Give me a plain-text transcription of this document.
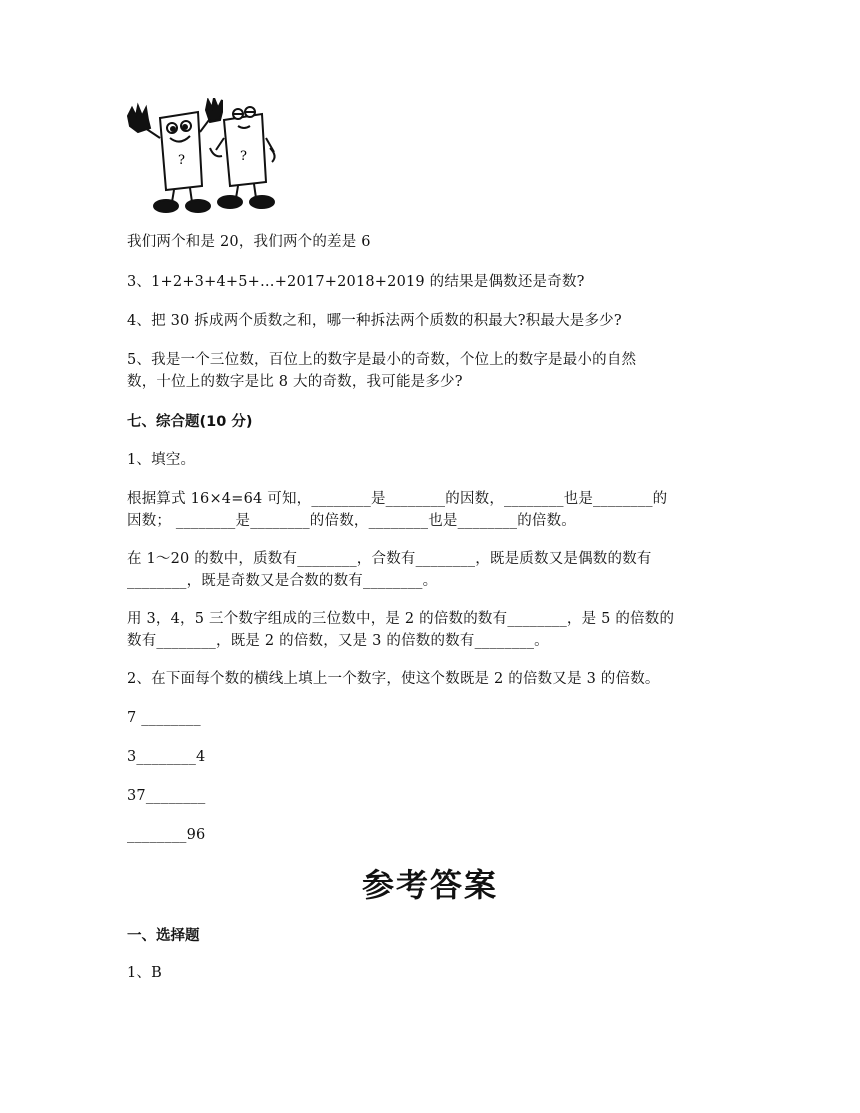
?	?
我们两个和是 20，我们两个的差是 6
3、1+2+3+4+5+…+2017+2018+2019 的结果是偶数还是奇数?
4、把 30 拆成两个质数之和，哪一种拆法两个质数的积最大?积最大是多少?
5、我是一个三位数，百位上的数字是最小的奇数，个位上的数字是最小的自然
数，十位上的数字是比 8 大的奇数，我可能是多少?
七、综合题(10 分)
1、填空。
根据算式 16×4=64 可知，________是________的因数，________也是________的
因数； ________是________的倍数，________也是________的倍数。
在 1～20 的数中，质数有________，合数有________，既是质数又是偶数的数有
________，既是奇数又是合数的数有________。
用 3，4，5 三个数字组成的三位数中，是 2 的倍数的数有________，是 5 的倍数的
数有________，既是 2 的倍数，又是 3 的倍数的数有________。
2、在下面每个数的横线上填上一个数字，使这个数既是 2 的倍数又是 3 的倍数。
7 ________
3________4
37________
________96
参考答案
一、选择题
1、B
